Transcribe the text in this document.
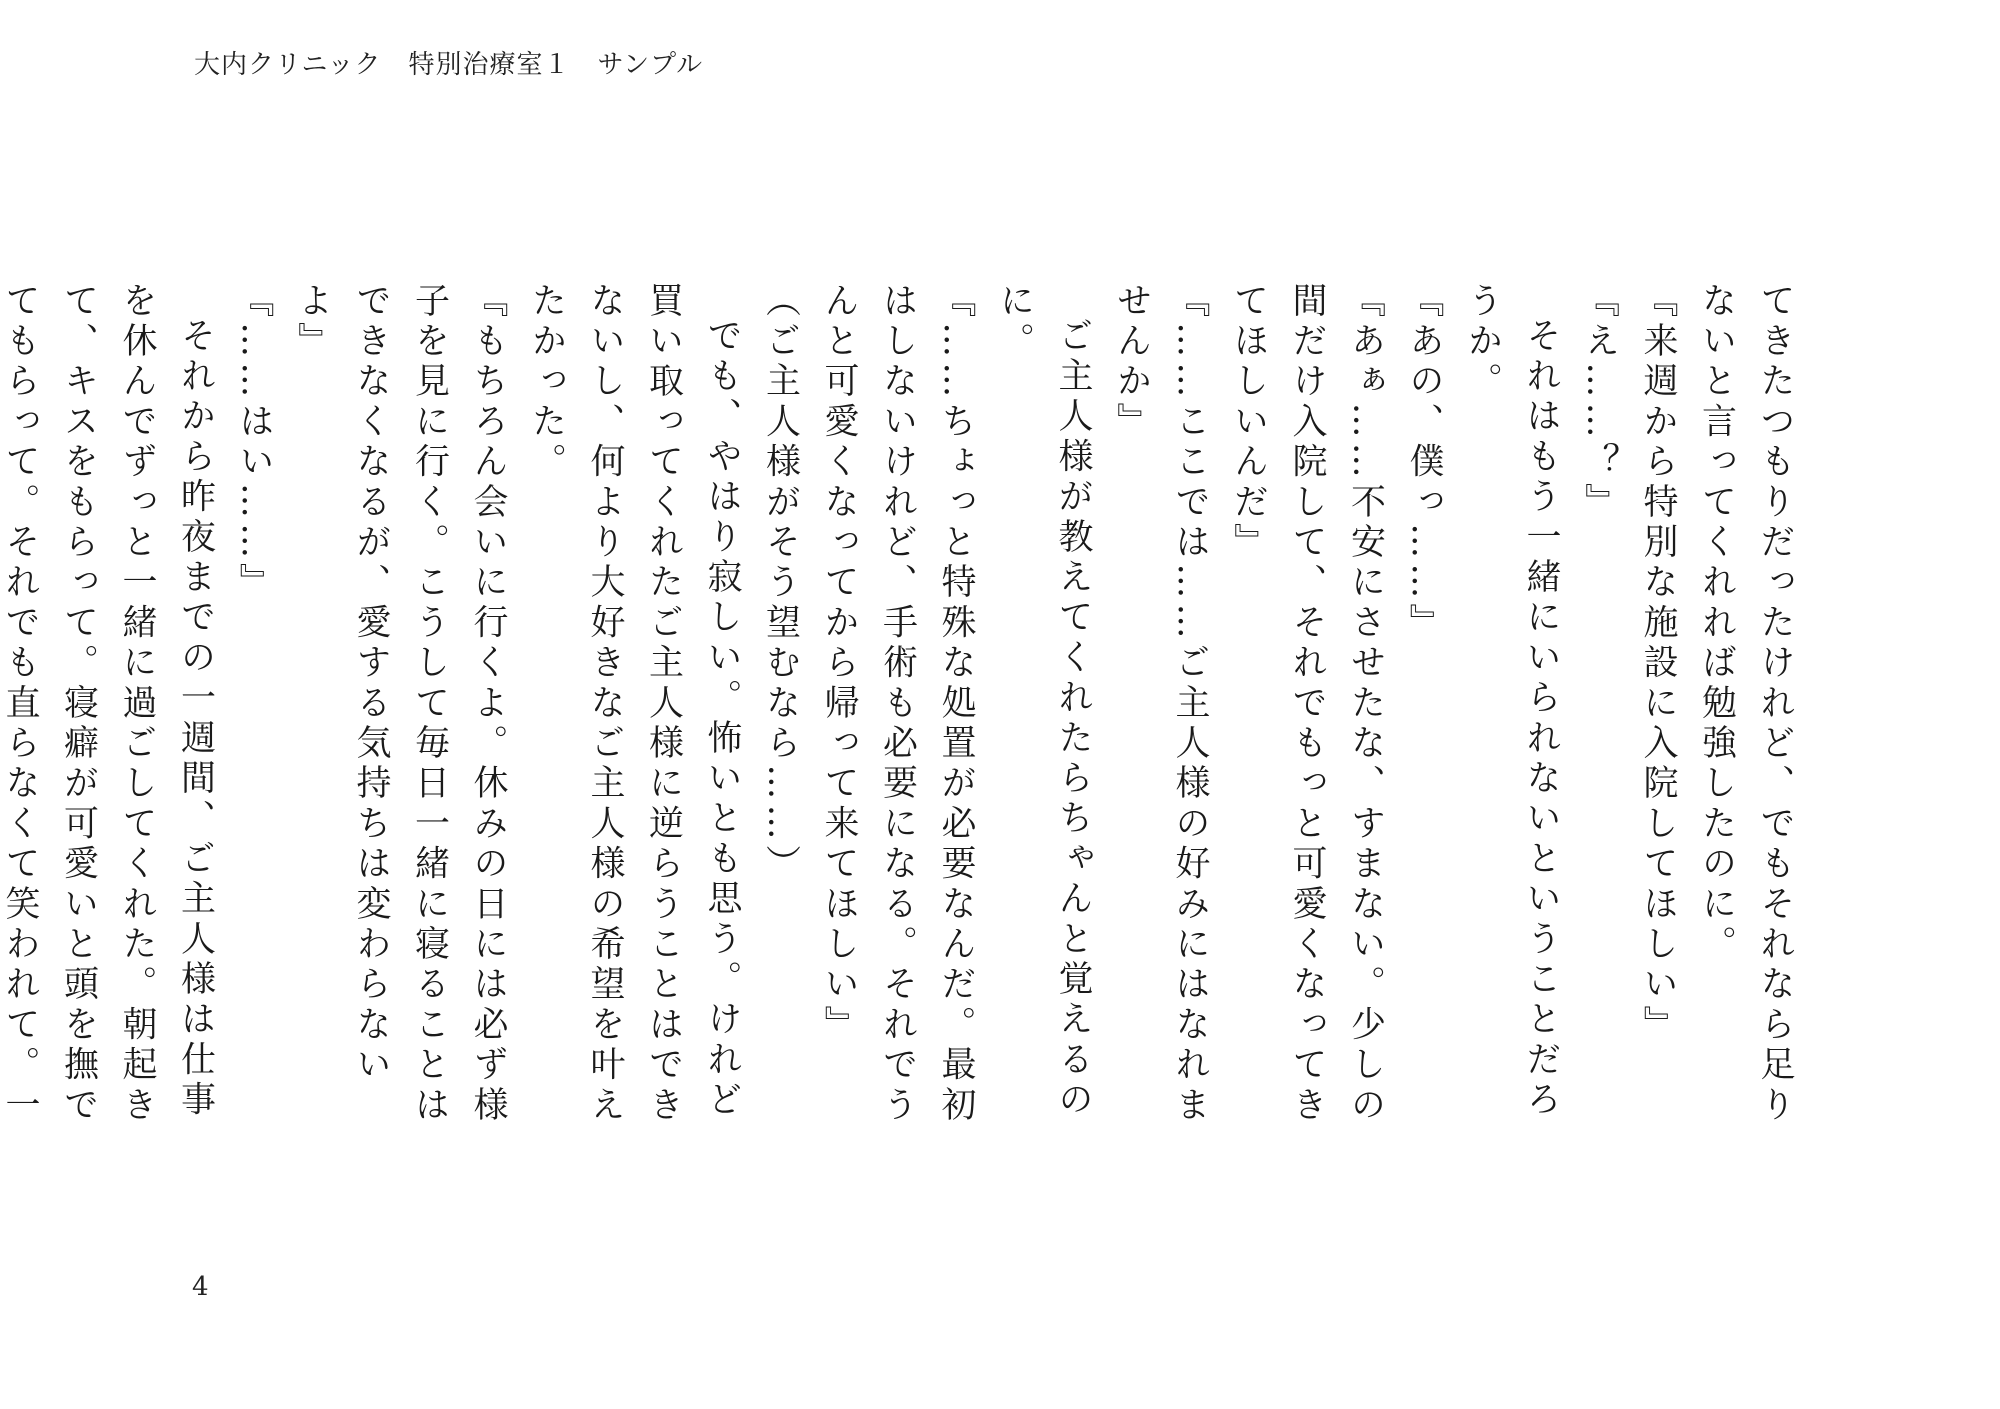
大内クリニック　特別治療室１　サンプル

てきたつもりだったけれど、でもそれなら足りないと言ってくれれば勉強したのに。

『来週から特別な施設に入院してほしい』

『え……？』

それはもう一緒にいられないということだろうか。

『あの、僕っ……』

『あぁ……不安にさせたな、すまない。少しの間だけ入院して、それでもっと可愛くなってきてほしいんだ』

『……ここでは……ご主人様の好みにはなれませんか』

ご主人様が教えてくれたらちゃんと覚えるのに。

『……ちょっと特殊な処置が必要なんだ。最初はしないけれど、手術も必要になる。それでうんと可愛くなってから帰って来てほしい』

（ご主人様がそう望むなら……）

でも、やはり寂しい。怖いとも思う。けれど買い取ってくれたご主人様に逆らうことはできないし、何より大好きなご主人様の希望を叶えたかった。

『もちろん会いに行くよ。休みの日には必ず様子を見に行く。こうして毎日一緒に寝ることはできなくなるが、愛する気持ちは変わらないよ』

『……はい……』

それから昨夜までの一週間、ご主人様は仕事を休んでずっと一緒に過ごしてくれた。朝起きて、キスをもらって。寝癖が可愛いと頭を撫でてもらって。それでも直らなくて笑われて。一

4
